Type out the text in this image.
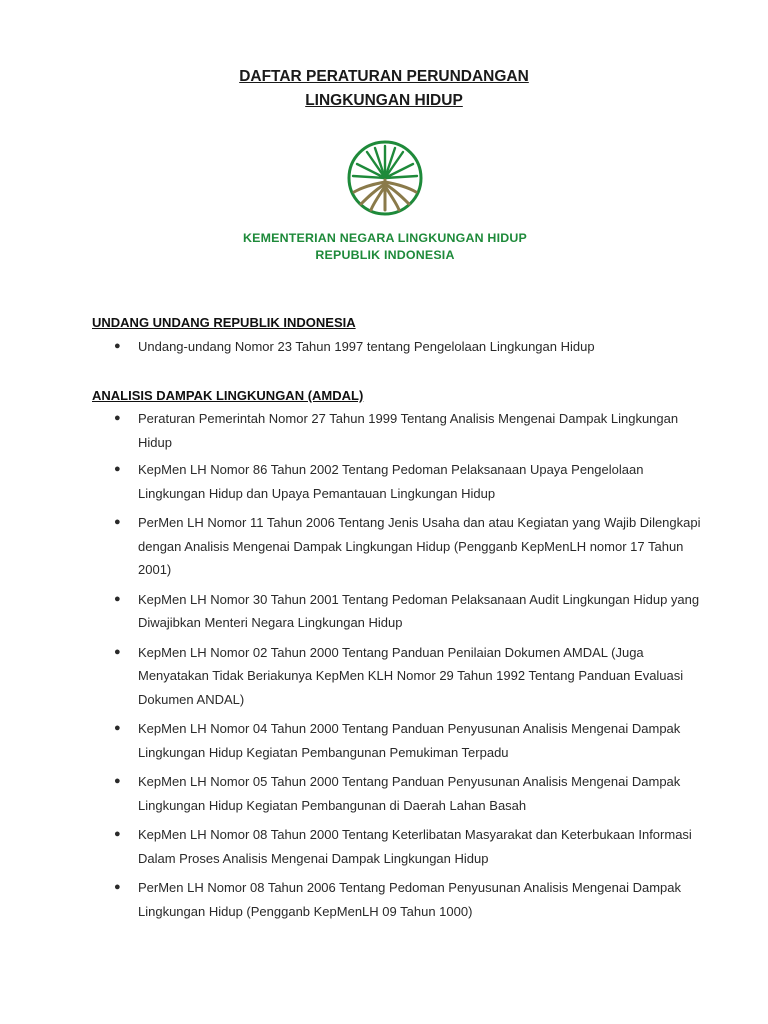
DAFTAR PERATURAN PERUNDANGAN
LINGKUNGAN HIDUP
KEMENTERIAN NEGARA LINGKUNGAN HIDUP
REPUBLIK INDONESIA
UNDANG UNDANG REPUBLIK INDONESIA
● Undang-undang Nomor 23 Tahun 1997 tentang Pengelolaan Lingkungan Hidup
ANALISIS DAMPAK LINGKUNGAN (AMDAL)
● Peraturan Pemerintah Nomor 27 Tahun 1999 Tentang Analisis Mengenai Dampak Lingkungan Hidup
● KepMen LH Nomor 86 Tahun 2002 Tentang Pedoman Pelaksanaan Upaya Pengelolaan Lingkungan Hidup dan Upaya Pemantauan Lingkungan Hidup
● PerMen LH Nomor 11 Tahun 2006 Tentang Jenis Usaha dan atau Kegiatan yang Wajib Dilengkapi dengan Analisis Mengenai Dampak Lingkungan Hidup (Pengganb KepMenLH nomor 17 Tahun 2001)
● KepMen LH Nomor 30 Tahun 2001 Tentang Pedoman Pelaksanaan Audit Lingkungan Hidup yang Diwajibkan Menteri Negara Lingkungan Hidup
● KepMen LH Nomor 02 Tahun 2000 Tentang Panduan Penilaian Dokumen AMDAL (Juga Menyatakan Tidak Beriakunya KepMen KLH Nomor 29 Tahun 1992 Tentang Panduan Evaluasi Dokumen ANDAL)
● KepMen LH Nomor 04 Tahun 2000 Tentang Panduan Penyusunan Analisis Mengenai Dampak Lingkungan Hidup Kegiatan Pembangunan Pemukiman Terpadu
● KepMen LH Nomor 05 Tahun 2000 Tentang Panduan Penyusunan Analisis Mengenai Dampak Lingkungan Hidup Kegiatan Pembangunan di Daerah Lahan Basah
● KepMen LH Nomor 08 Tahun 2000 Tentang Keterlibatan Masyarakat dan Keterbukaan Informasi Dalam Proses Analisis Mengenai Dampak Lingkungan Hidup
● PerMen LH Nomor 08 Tahun 2006 Tentang Pedoman Penyusunan Analisis Mengenai Dampak Lingkungan Hidup (Pengganb KepMenLH 09 Tahun 1000)
